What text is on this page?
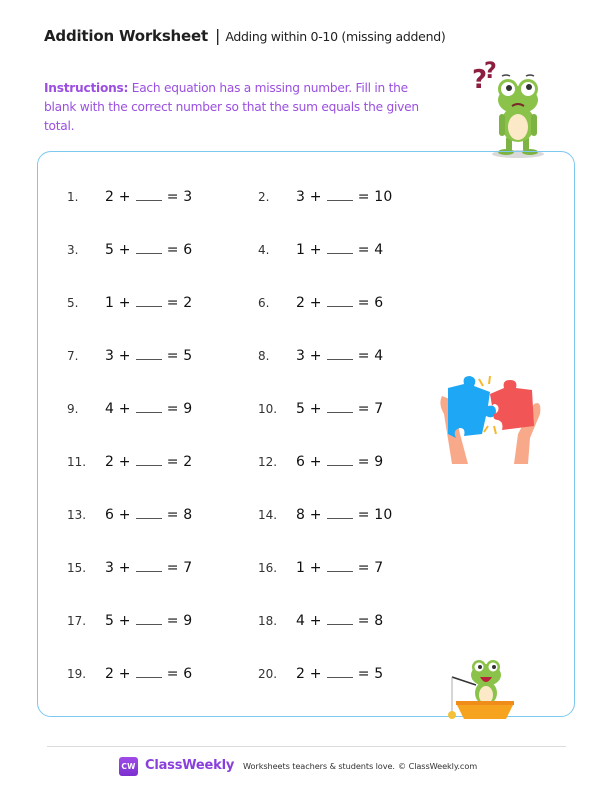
Addition Worksheet | Adding within 0-10 (missing addend)
Instructions: Each equation has a missing number. Fill in the blank with the correct number so that the sum equals the given total.
?
?
1.	2 +	= 3	2.	3 +	= 10
3.	5 +	= 6	4.	1 +	= 4
5.	1 +	= 2	6.	2 +	= 6
7.	3 +	= 5	8.	3 +	= 4
9.	4 +	= 9	10.	5 +	= 7
11.	2 +	= 2	12.	6 +	= 9
13.	6 +	= 8	14.	8 +	= 10
15.	3 +	= 7	16.	1 +	= 7
17.	5 +	= 9	18.	4 +	= 8
19.	2 +	= 6	20.	2 +	= 5
CW ClassWeekly Worksheets teachers & students love. © ClassWeekly.com
